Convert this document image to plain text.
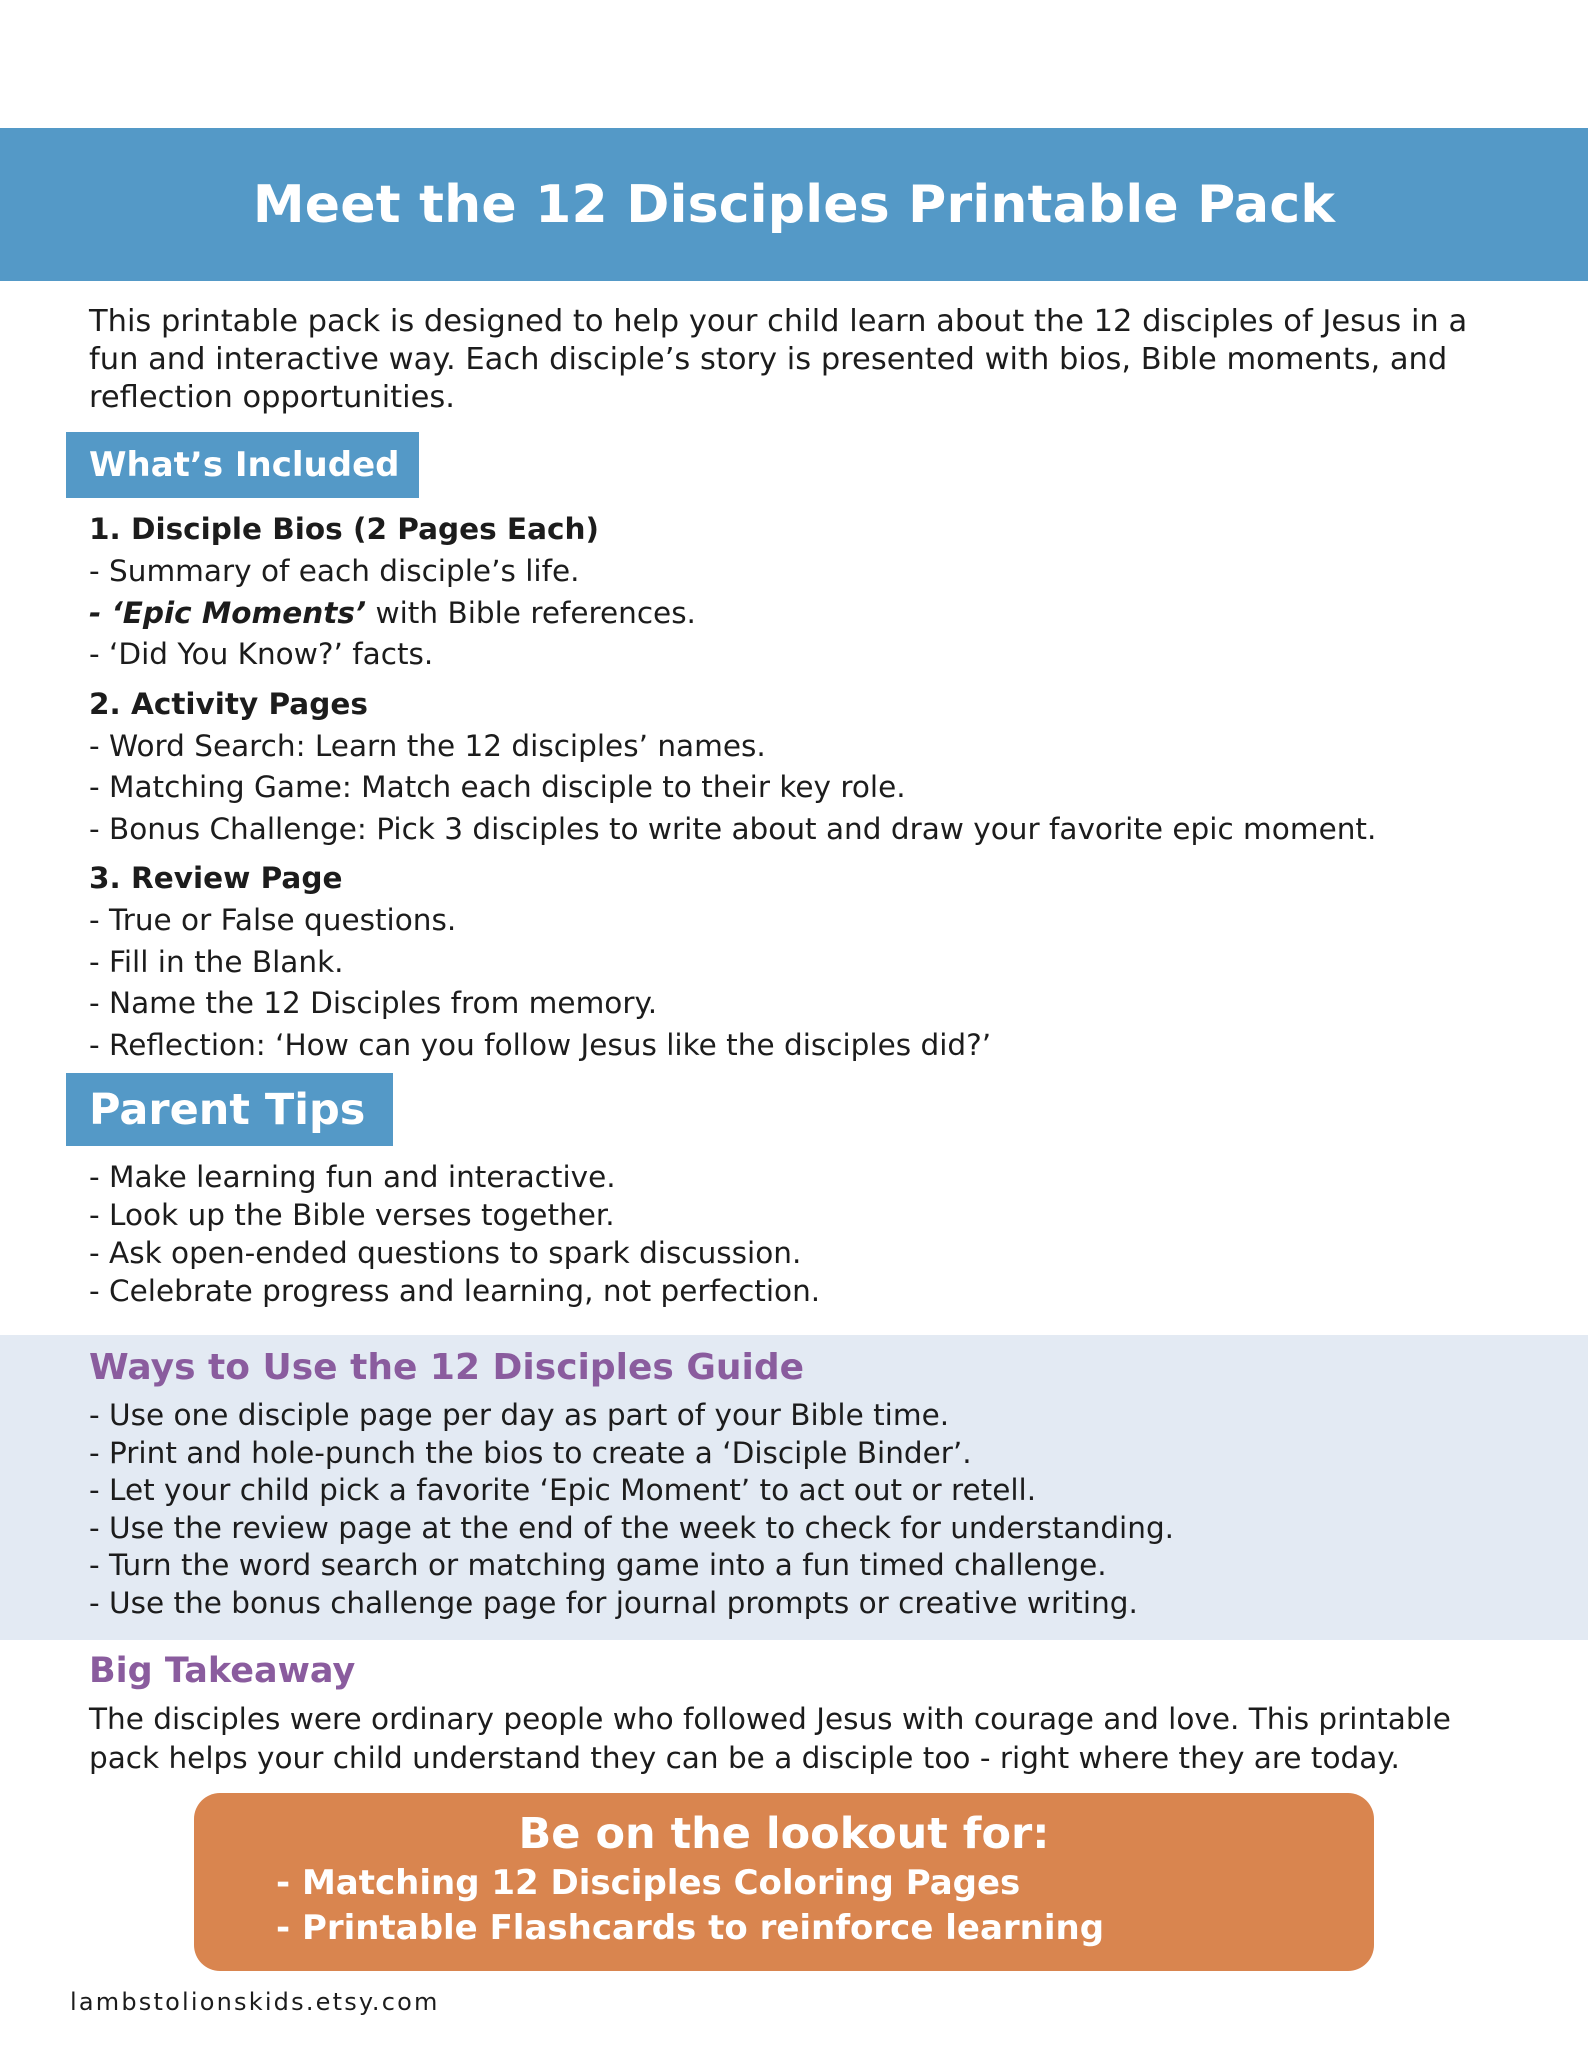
Meet the 12 Disciples Printable Pack

This printable pack is designed to help your child learn about the 12 disciples of Jesus in a fun and interactive way. Each disciple’s story is presented with bios, Bible moments, and reflection opportunities.

What’s Included
1. Disciple Bios (2 Pages Each)
- Summary of each disciple’s life.
- ‘Epic Moments’ with Bible references.
- ‘Did You Know?’ facts.
2. Activity Pages
- Word Search: Learn the 12 disciples’ names.
- Matching Game: Match each disciple to their key role.
- Bonus Challenge: Pick 3 disciples to write about and draw your favorite epic moment.
3. Review Page
- True or False questions.
- Fill in the Blank.
- Name the 12 Disciples from memory.
- Reflection: ‘How can you follow Jesus like the disciples did?’
Parent Tips
- Make learning fun and interactive.
- Look up the Bible verses together.
- Ask open-ended questions to spark discussion.
- Celebrate progress and learning, not perfection.
Ways to Use the 12 Disciples Guide
- Use one disciple page per day as part of your Bible time.
- Print and hole-punch the bios to create a ‘Disciple Binder’.
- Let your child pick a favorite ‘Epic Moment’ to act out or retell.
- Use the review page at the end of the week to check for understanding.
- Turn the word search or matching game into a fun timed challenge.
- Use the bonus challenge page for journal prompts or creative writing.
Big Takeaway

The disciples were ordinary people who followed Jesus with courage and love. This printable pack helps your child understand they can be a disciple too - right where they are today.

Be on the lookout for:
- Matching 12 Disciples Coloring Pages
- Printable Flashcards to reinforce learning
lambstolionskids.etsy.com
